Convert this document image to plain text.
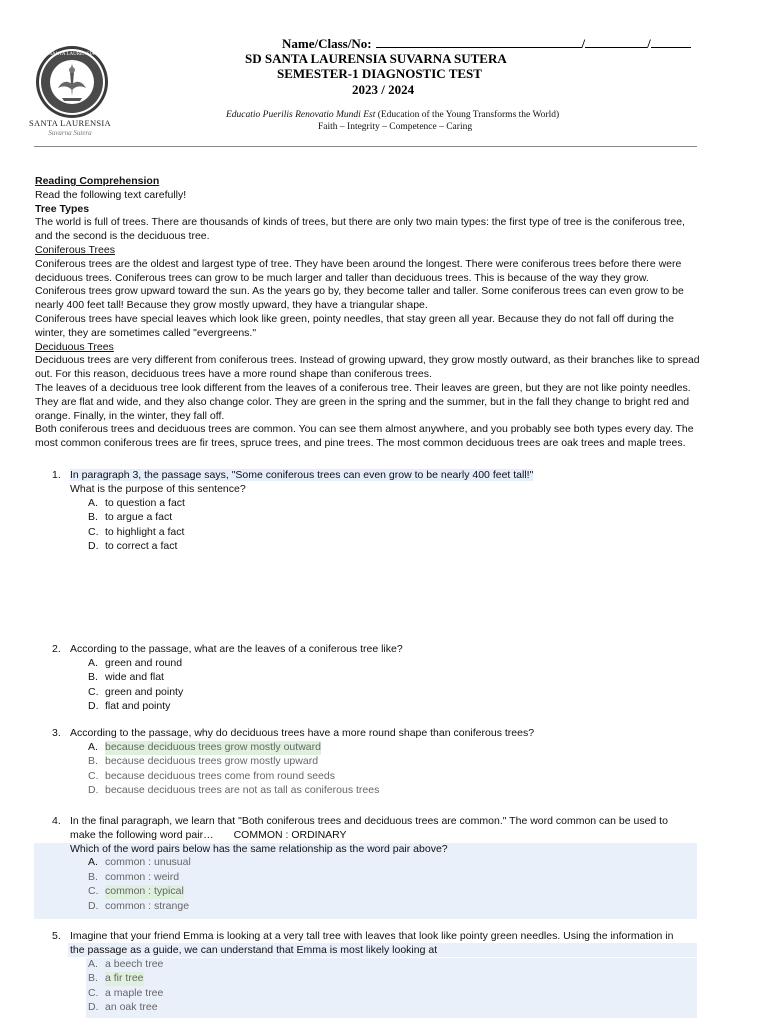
SANTA LAURENSIA
SANTA LAURENSIA
Suvarna Sutera
Name/Class/No:	/	/
SD SANTA LAURENSIA SUVARNA SUTERA
SEMESTER-1 DIAGNOSTIC TEST
2023 / 2024
Educatio Puerilis Renovatio Mundi Est (Education of the Young Transforms the World)
Faith – Integrity – Competence – Caring

Reading Comprehension

Read the following text carefully!

Tree Types

The world is full of trees. There are thousands of kinds of trees, but there are only two main types: the first type of tree is the coniferous tree, and the second is the deciduous tree.

Coniferous Trees

Coniferous trees are the oldest and largest type of tree. They have been around the longest. There were coniferous trees before there were deciduous trees. Coniferous trees can grow to be much larger and taller than deciduous trees. This is because of the way they grow.

Coniferous trees grow upward toward the sun. As the years go by, they become taller and taller. Some coniferous trees can even grow to be nearly 400 feet tall! Because they grow mostly upward, they have a triangular shape.

Coniferous trees have special leaves which look like green, pointy needles, that stay green all year. Because they do not fall off during the winter, they are sometimes called "evergreens."

Deciduous Trees

Deciduous trees are very different from coniferous trees. Instead of growing upward, they grow mostly outward, as their branches like to spread out. For this reason, deciduous trees have a more round shape than coniferous trees.

The leaves of a deciduous tree look different from the leaves of a coniferous tree. Their leaves are green, but they are not like pointy needles. They are flat and wide, and they also change color. They are green in the spring and the summer, but in the fall they change to bright red and orange. Finally, in the winter, they fall off.

Both coniferous trees and deciduous trees are common. You can see them almost anywhere, and you probably see both types every day. The most common coniferous trees are fir trees, spruce trees, and pine trees. The most common deciduous trees are oak trees and maple trees.

1. In paragraph 3, the passage says, "Some coniferous trees can even grow to be nearly 400 feet tall!"
What is the purpose of this sentence?
A. to question a fact
B. to argue a fact
C. to highlight a fact
D. to correct a fact
2. According to the passage, what are the leaves of a coniferous tree like?
A. green and round
B. wide and flat
C. green and pointy
D. flat and pointy
3. According to the passage, why do deciduous trees have a more round shape than coniferous trees?
A. because deciduous trees grow mostly outward
B. because deciduous trees grow mostly upward
C. because deciduous trees come from round seeds
D. because deciduous trees are not as tall as coniferous trees
4. In the final paragraph, we learn that "Both coniferous trees and deciduous trees are common." The word common can be used to
make the following word pair… COMMON : ORDINARY
Which of the word pairs below has the same relationship as the word pair above?
A. common : unusual
B. common : weird
C. common : typical
D. common : strange
5. Imagine that your friend Emma is looking at a very tall tree with leaves that look like pointy green needles. Using the information in
the passage as a guide, we can understand that Emma is most likely looking at
A. a beech tree
B. a fir tree
C. a maple tree
D. an oak tree
